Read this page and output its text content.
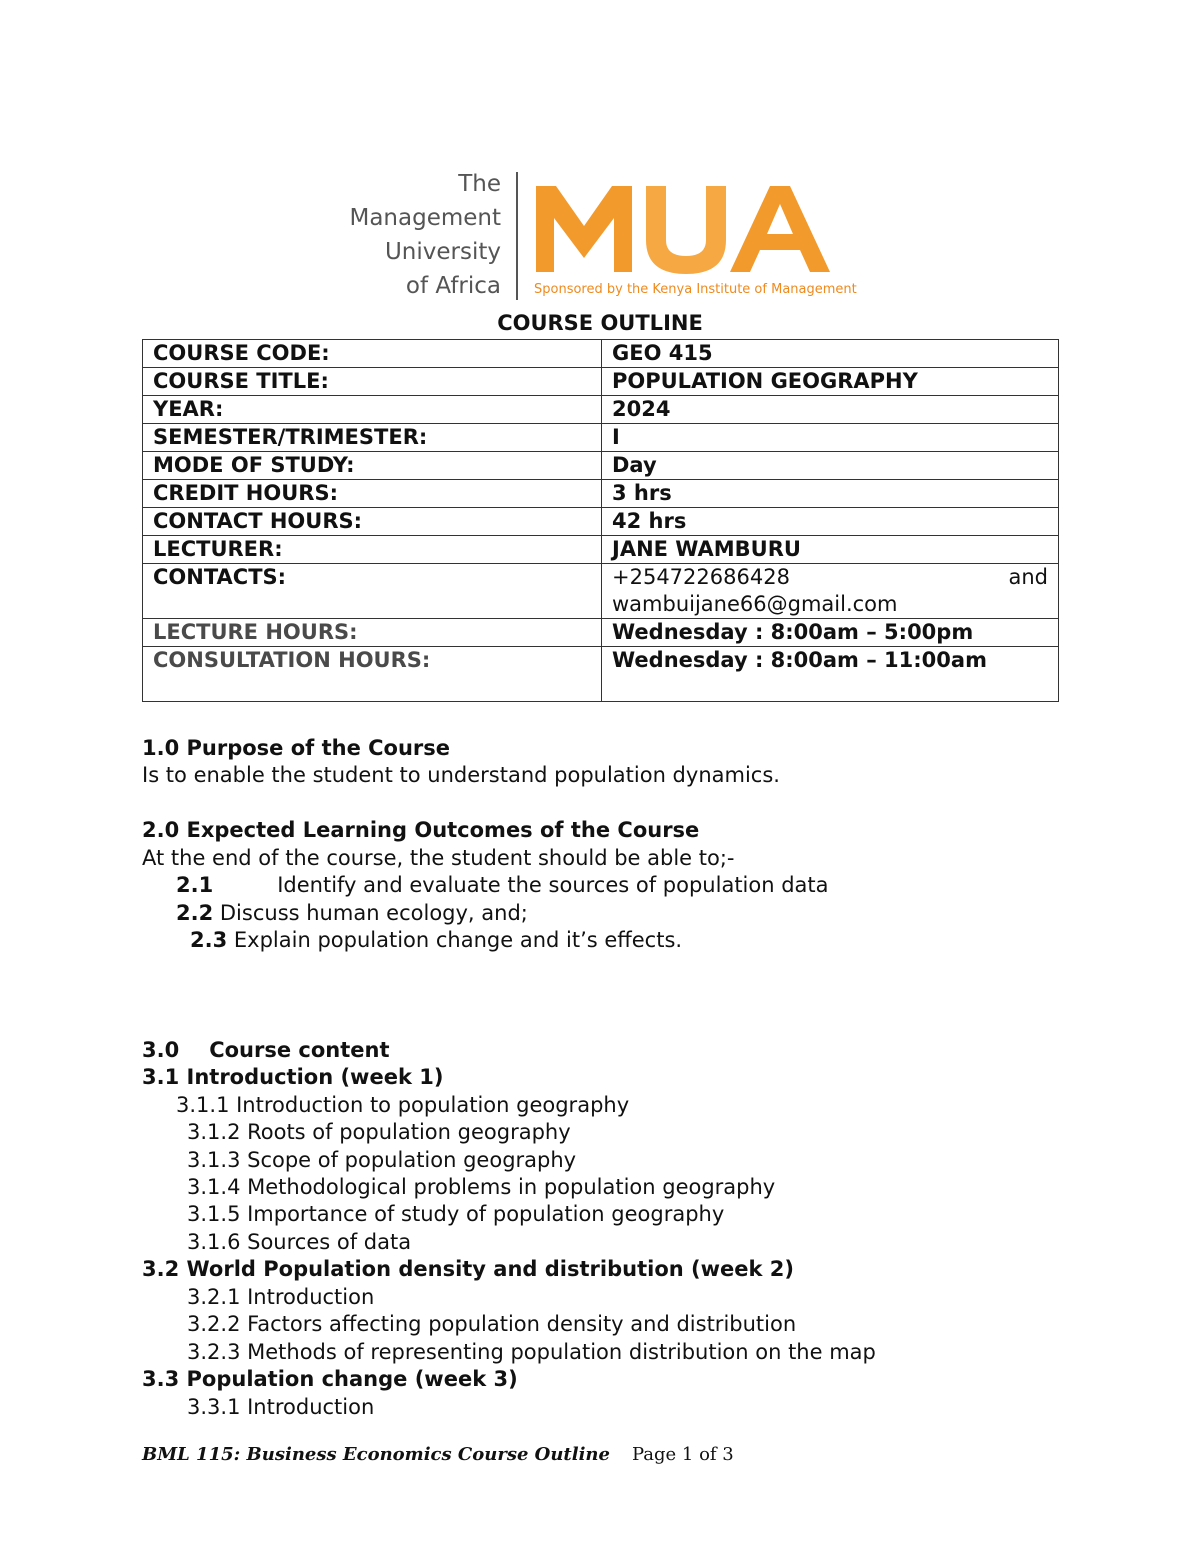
The
Management
University
of Africa	Sponsored by the Kenya Institute of Management
COURSE OUTLINE
COURSE CODE:	GEO 415
COURSE TITLE:	POPULATION GEOGRAPHY
YEAR:	2024
SEMESTER/TRIMESTER:	I
MODE OF STUDY:	Day
CREDIT HOURS:	3 hrs
CONTACT HOURS:	42 hrs
LECTURER:	JANE WAMBURU
CONTACTS:	+254722686428 and
wambuijane66@gmail.com

LECTURE HOURS:	Wednesday : 8:00am – 5:00pm
CONSULTATION HOURS:	Wednesday : 8:00am – 11:00am
1.0 Purpose of the Course
Is to enable the student to understand population dynamics.
2.0 Expected Learning Outcomes of the Course
At the end of the course, the student should be able to;-
2.1	Identify and evaluate the sources of population data
2.2 Discuss human ecology, and;
2.3 Explain population change and it’s effects.
3.0 Course content
3.1 Introduction (week 1)
3.1.1 Introduction to population geography
3.1.2 Roots of population geography
3.1.3 Scope of population geography
3.1.4 Methodological problems in population geography
3.1.5 Importance of study of population geography
3.1.6 Sources of data
3.2 World Population density and distribution (week 2)
3.2.1 Introduction
3.2.2 Factors affecting population density and distribution
3.2.3 Methods of representing population distribution on the map
3.3 Population change (week 3)
3.3.1 Introduction
BML 115: Business Economics Course Outline Page 1 of 3
